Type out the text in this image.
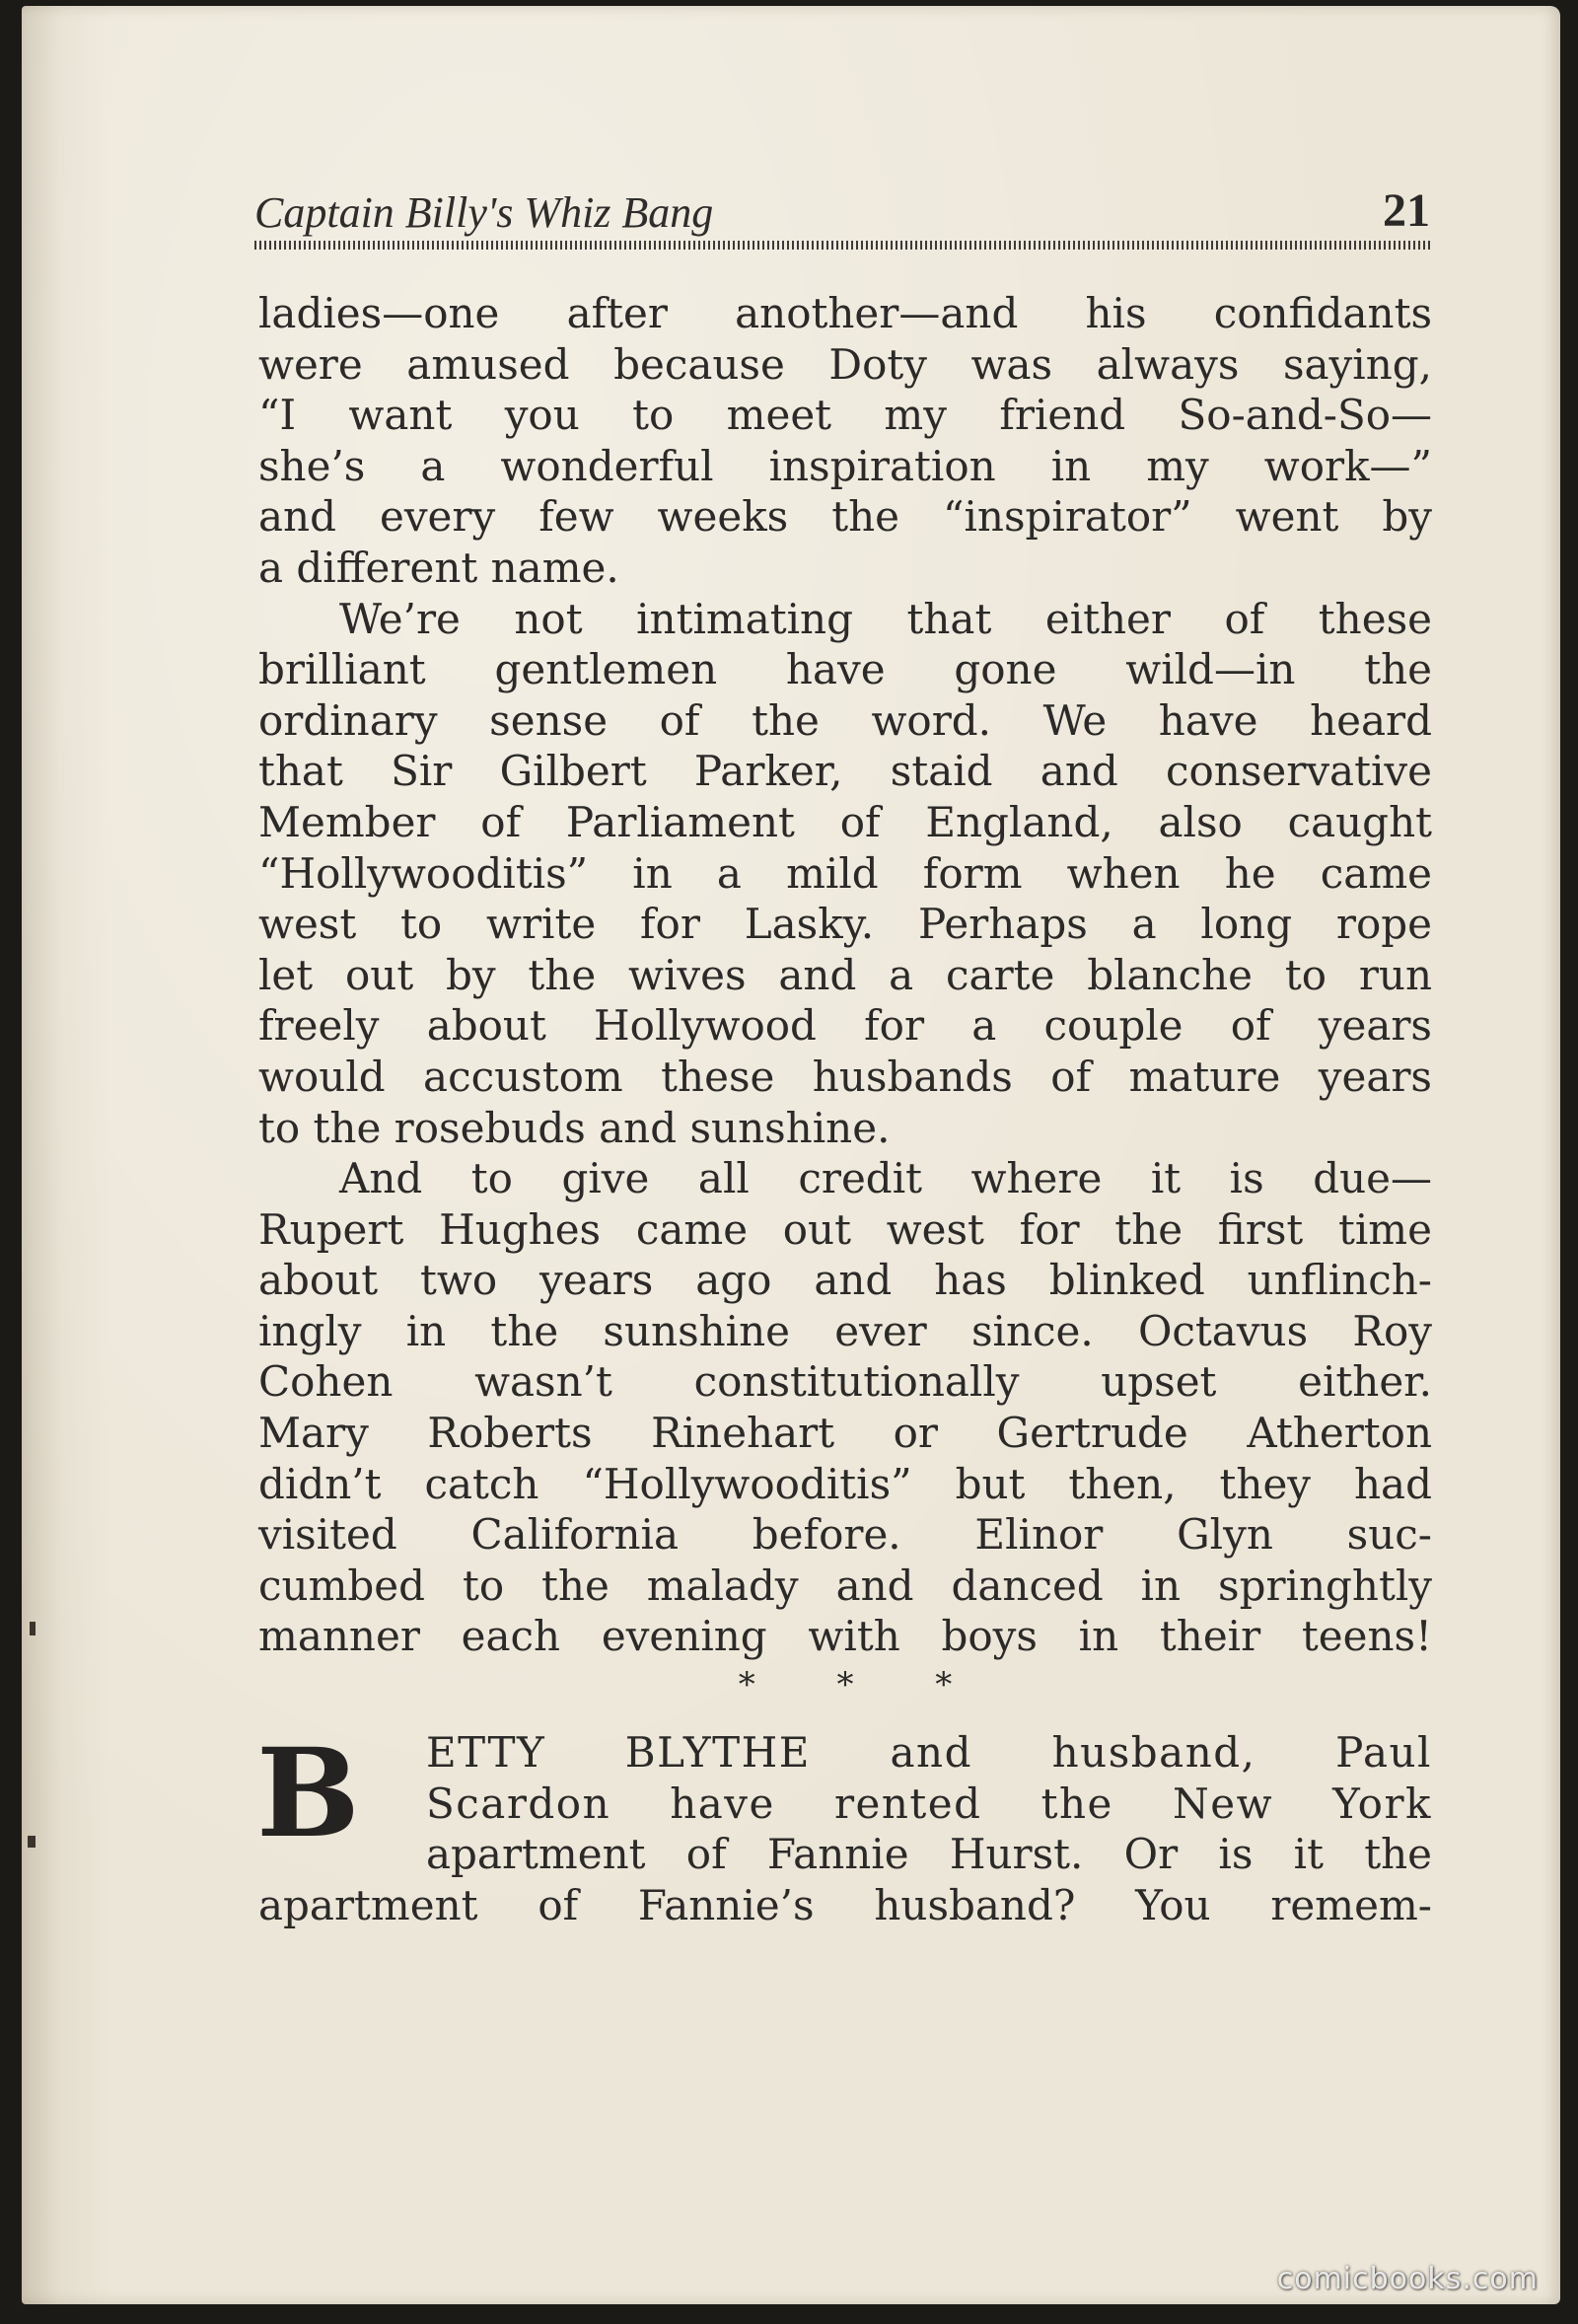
Captain Billy's Whiz Bang	21
ladies—one after another—and his confidants
were amused because Doty was always saying,
“I want you to meet my friend So-and-So—
she’s a wonderful inspiration in my work—”
and every few weeks the “inspirator” went by
a different name.
We’re not intimating that either of these
brilliant gentlemen have gone wild—in the
ordinary sense of the word. We have heard
that Sir Gilbert Parker, staid and conservative
Member of Parliament of England, also caught
“Hollywooditis” in a mild form when he came
west to write for Lasky. Perhaps a long rope
let out by the wives and a carte blanche to run
freely about Hollywood for a couple of years
would accustom these husbands of mature years
to the rosebuds and sunshine.
And to give all credit where it is due—
Rupert Hughes came out west for the first time
about two years ago and has blinked unflinch-
ingly in the sunshine ever since. Octavus Roy
Cohen wasn’t constitutionally upset either.
Mary Roberts Rinehart or Gertrude Atherton
didn’t catch “Hollywooditis” but then, they had
visited California before. Elinor Glyn suc-
cumbed to the malady and danced in springhtly
manner each evening with boys in their teens!
* * *
B ETTY BLYTHE and husband, Paul
Scardon have rented the New York
apartment of Fannie Hurst. Or is it the
apartment of Fannie’s husband? You remem-
comicbooks.com
